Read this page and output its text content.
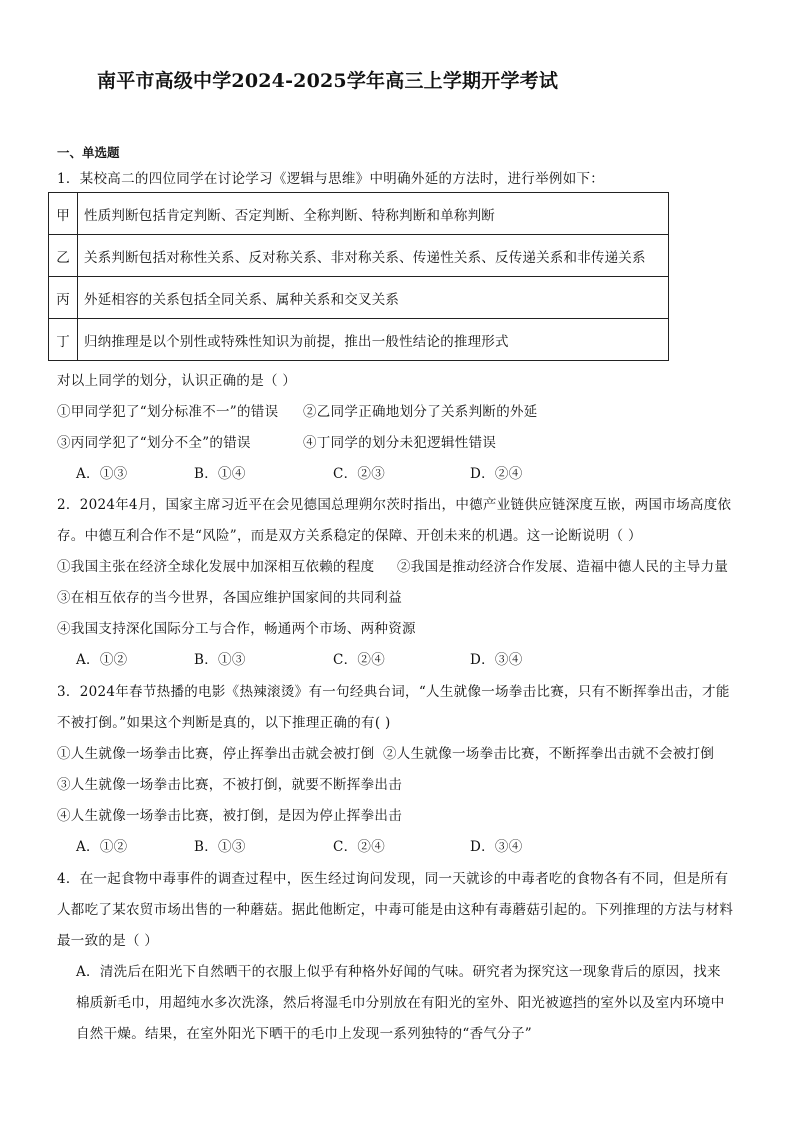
南平市高级中学2024-2025学年高三上学期开学考试
一、单选题
1．某校高二的四位同学在讨论学习《逻辑与思维》中明确外延的方法时，进行举例如下：
甲	性质判断包括肯定判断、否定判断、全称判断、特称判断和单称判断
乙	关系判断包括对称性关系、反对称关系、非对称关系、传递性关系、反传递关系和非传递关系
丙	外延相容的关系包括全同关系、属种关系和交叉关系
丁	归纳推理是以个别性或特殊性知识为前提，推出一般性结论的推理形式
对以上同学的划分，认识正确的是（ ）
①甲同学犯了“划分标准不一”的错误 ②乙同学正确地划分了关系判断的外延
③丙同学犯了“划分不全”的错误	④丁同学的划分未犯逻辑性错误
A．①③	B．①④	C．②③	D．②④
2．2024年4月，国家主席习近平在会见德国总理朔尔茨时指出，中德产业链供应链深度互嵌，两国市场高度依
存。中德互利合作不是“风险”，而是双方关系稳定的保障、开创未来的机遇。这一论断说明（ ）
①我国主张在经济全球化发展中加深相互依赖的程度 ②我国是推动经济合作发展、造福中德人民的主导力量
③在相互依存的当今世界，各国应维护国家间的共同利益
④我国支持深化国际分工与合作，畅通两个市场、两种资源
A．①②	B．①③	C．②④	D．③④
3．2024年春节热播的电影《热辣滚烫》有一句经典台词，“人生就像一场拳击比赛，只有不断挥拳出击，才能
不被打倒。”如果这个判断是真的，以下推理正确的有( )
①人生就像一场拳击比赛，停止挥拳出击就会被打倒 ②人生就像一场拳击比赛，不断挥拳出击就不会被打倒
③人生就像一场拳击比赛，不被打倒，就要不断挥拳出击
④人生就像一场拳击比赛，被打倒，是因为停止挥拳出击
A．①②	B．①③	C．②④	D．③④
4．在一起食物中毒事件的调查过程中，医生经过询问发现，同一天就诊的中毒者吃的食物各有不同，但是所有
人都吃了某农贸市场出售的一种蘑菇。据此他断定，中毒可能是由这种有毒蘑菇引起的。下列推理的方法与材料
最一致的是（ ）
A．清洗后在阳光下自然晒干的衣服上似乎有种格外好闻的气味。研究者为探究这一现象背后的原因，找来
棉质新毛巾，用超纯水多次洗涤，然后将湿毛巾分别放在有阳光的室外、阳光被遮挡的室外以及室内环境中
自然干燥。结果，在室外阳光下晒干的毛巾上发现一系列独特的“香气分子”
